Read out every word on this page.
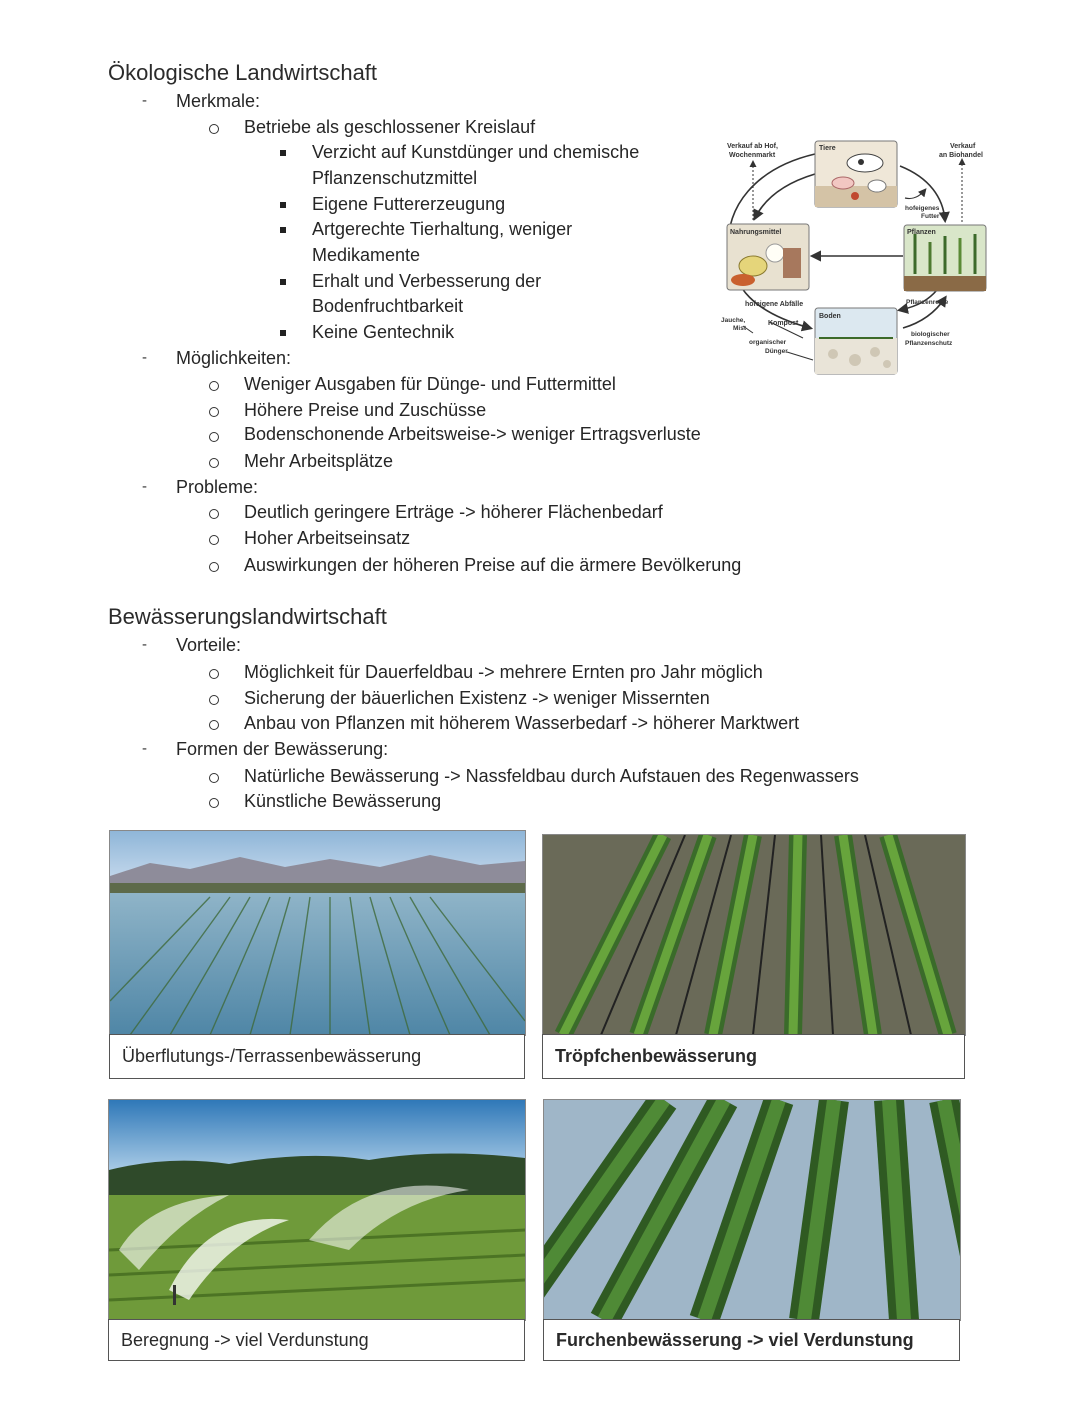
Ökologische Landwirtschaft
- Merkmale:
Betriebe als geschlossener Kreislauf
Verzicht auf Kunstdünger und chemische
Pflanzenschutzmittel
Eigene Futtererzeugung
Artgerechte Tierhaltung, weniger
Medikamente
Erhalt und Verbesserung der
Bodenfruchtbarkeit
Keine Gentechnik
- Möglichkeiten:
Weniger Ausgaben für Dünge- und Futtermittel
Höhere Preise und Zuschüsse
Bodenschonende Arbeitsweise-> weniger Ertragsverluste
Mehr Arbeitsplätze
- Probleme:
Deutlich geringere Erträge -> höherer Flächenbedarf
Hoher Arbeitseinsatz
Auswirkungen der höheren Preise auf die ärmere Bevölkerung
Verkauf ab Hof,
Wochenmarkt
Tiere	Verkauf
an Biohandel
hofeigenes
Futter
Nahrungsmittel	Pflanzen
hofeigene Abfälle
Jauche,
Mist
Kompost
Boden
Pflanzenreste
organischer
Dünger
biologischer
Pflanzenschutz
Bewässerungslandwirtschaft
- Vorteile:
Möglichkeit für Dauerfeldbau -> mehrere Ernten pro Jahr möglich
Sicherung der bäuerlichen Existenz -> weniger Missernten
Anbau von Pflanzen mit höherem Wasserbedarf -> höherer Marktwert
- Formen der Bewässerung:
Natürliche Bewässerung -> Nassfeldbau durch Aufstauen des Regenwassers
Künstliche Bewässerung
Überflutungs-/Terrassenbewässerung	Tröpfchenbewässerung
Beregnung -> viel Verdunstung	Furchenbewässerung -> viel Verdunstung
